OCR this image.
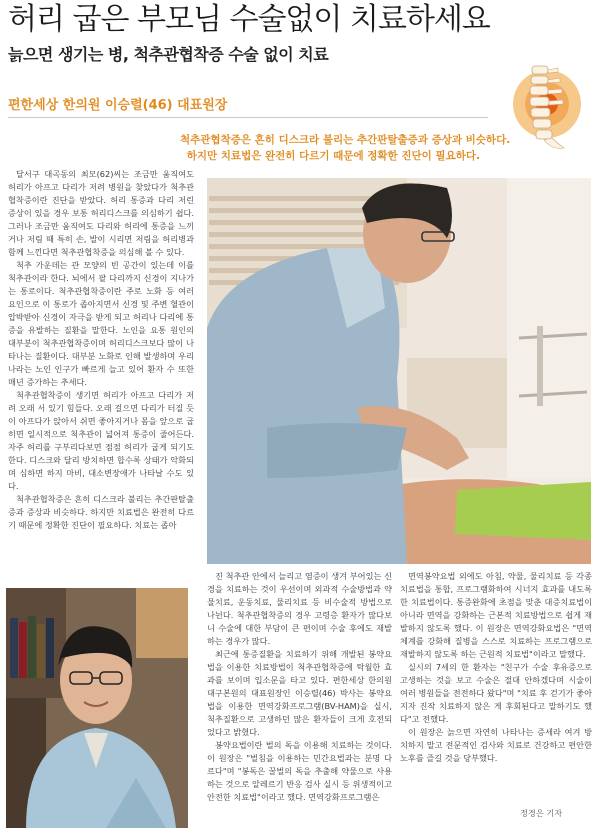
허리 굽은 부모님 수술없이 치료하세요
늙으면 생기는 병, 척추관협착증 수술 없이 치료
편한세상 한의원 이승렬(46) 대표원장
척추관협착증은 흔히 디스크라 불리는 추간판탈출증과 증상과 비슷하다.
하지만 치료법은 완전히 다르기 때문에 정확한 진단이 필요하다.

달서구 대곡동의 최모(62)씨는 조금만 움직여도 허리가 아프고 다리가 저려 병원을 찾았다가 척추관협착증이란 진단을 받았다. 허리 통증과 다리 저린 증상이 있을 경우 보통 허리디스크를 의심하기 쉽다. 그러나 조금만 움직여도 다리와 허리에 통증을 느끼거나 저림 때 특히 손, 발이 시리면 저림을 허리병과 함께 느낀다면 척추관협착증을 의심해 볼 수 있다.

척추 가운데는 관 모양의 빈 공간이 있는데 이를 척추관이라 한다. 뇌에서 팔 다리까지 신경이 지나가는 통로이다. 척추관협착증이란 주로 노화 등 여러 요인으로 이 통로가 좁아지면서 신경 및 주변 혈관이 압박받아 신경이 자극을 받게 되고 허리나 다리에 통증을 유발하는 질환을 말한다. 노인을 요통 원인의 대부분이 척추관협착증이며 허리디스크보다 많이 나타나는 질환이다. 대부분 노화로 인해 발생하며 우리나라는 노인 인구가 빠르게 늘고 있어 환자 수 또한 매년 증가하는 추세다.

척추관협착증이 생기면 허리가 아프고 다리가 저려 오래 서 있기 힘들다. 오래 걸으면 다리가 터질 듯이 아프다가 앉아서 쉬면 좋아지거나 몸을 앞으로 굽히면 일시적으로 척추관이 넓어져 통증이 줄어든다. 자주 허리를 구부리다보면 점점 허리가 굽게 되기도 한다. 디스크와 달리 방치하면 합수록 상태가 악화되며 심하면 하지 마비, 대소변장애가 나타날 수도 있다.

척추관협착증은 흔히 디스크라 불리는 추간판탈출증과 증상과 비슷하다. 하지만 치료법은 완전히 다르기 때문에 정확한 진단이 필요하다. 치료는 좁아

진 척추관 안에서 늘리고 염증이 생겨 부어있는 신경을 치료하는 것이 우선이며 외과적 수술방법과 약물치료, 운동치료, 물리치료 등 비수술적 방법으로 나뉜다. 척추관협착증의 경우 고령층 환자가 많다보니 수술에 대한 부담이 큰 편이며 수술 후에도 재발하는 경우가 많다.

최근에 통증질환을 치료하기 위해 개발된 봉약요법을 이용한 치료방법이 척추관협착증에 탁월한 효과를 보이며 입소문을 타고 있다. 편한세상 한의원 대구본원의 대표원장인 이승렬(46) 박사는 봉약요법을 이용한 면역강화프로그램(BV-HAM)을 실시, 척추질환으로 고생하던 많은 환자들이 크게 호전되었다고 밝혔다.

봉약요법이란 벌의 독을 이용해 치료하는 것이다. 이 원장은 "벌침을 이용하는 민간요법과는 분명 다르다"며 "봉독은 꿀벌의 독을 추출해 약물으로 사용하는 것으로 알레르기 반응 검사 실시 등 위생적이고 안전한 치료법"이라고 했다. 면역강화프로그램은

면역봉약요법 외에도 아침, 약물, 물리치료 등 각종 치료법을 통합, 프로그램화하여 시너지 효과를 내도록 한 치료법이다. 통증완화에 초점을 맞춘 대증치료법이 아니라 면역을 강화하는 근본적 치료방법으로 쉽게 재발하지 않도록 했다. 이 원장은 면역강화요법은 "면역체계를 강화해 질병을 스스로 치료하는 프로그램으로 재발하지 않도록 하는 근원적 치료법"이라고 말했다.

실시의 7세의 한 환자는 "친구가 수술 후유증으로 고생하는 것을 보고 수술은 절대 안하겠다며 시술이 여러 병원들을 전전하다 왔다"며 "치료 후 걷기가 좋아지자 진작 치료하지 않은 게 후회된다고 말하기도 했다"고 전했다.

이 원장은 늙으면 자연히 나타나는 증세라 여겨 방치하지 말고 전문적인 검사와 치료로 건강하고 편안한 노후를 즐길 것을 당부했다.

정경은 기자
